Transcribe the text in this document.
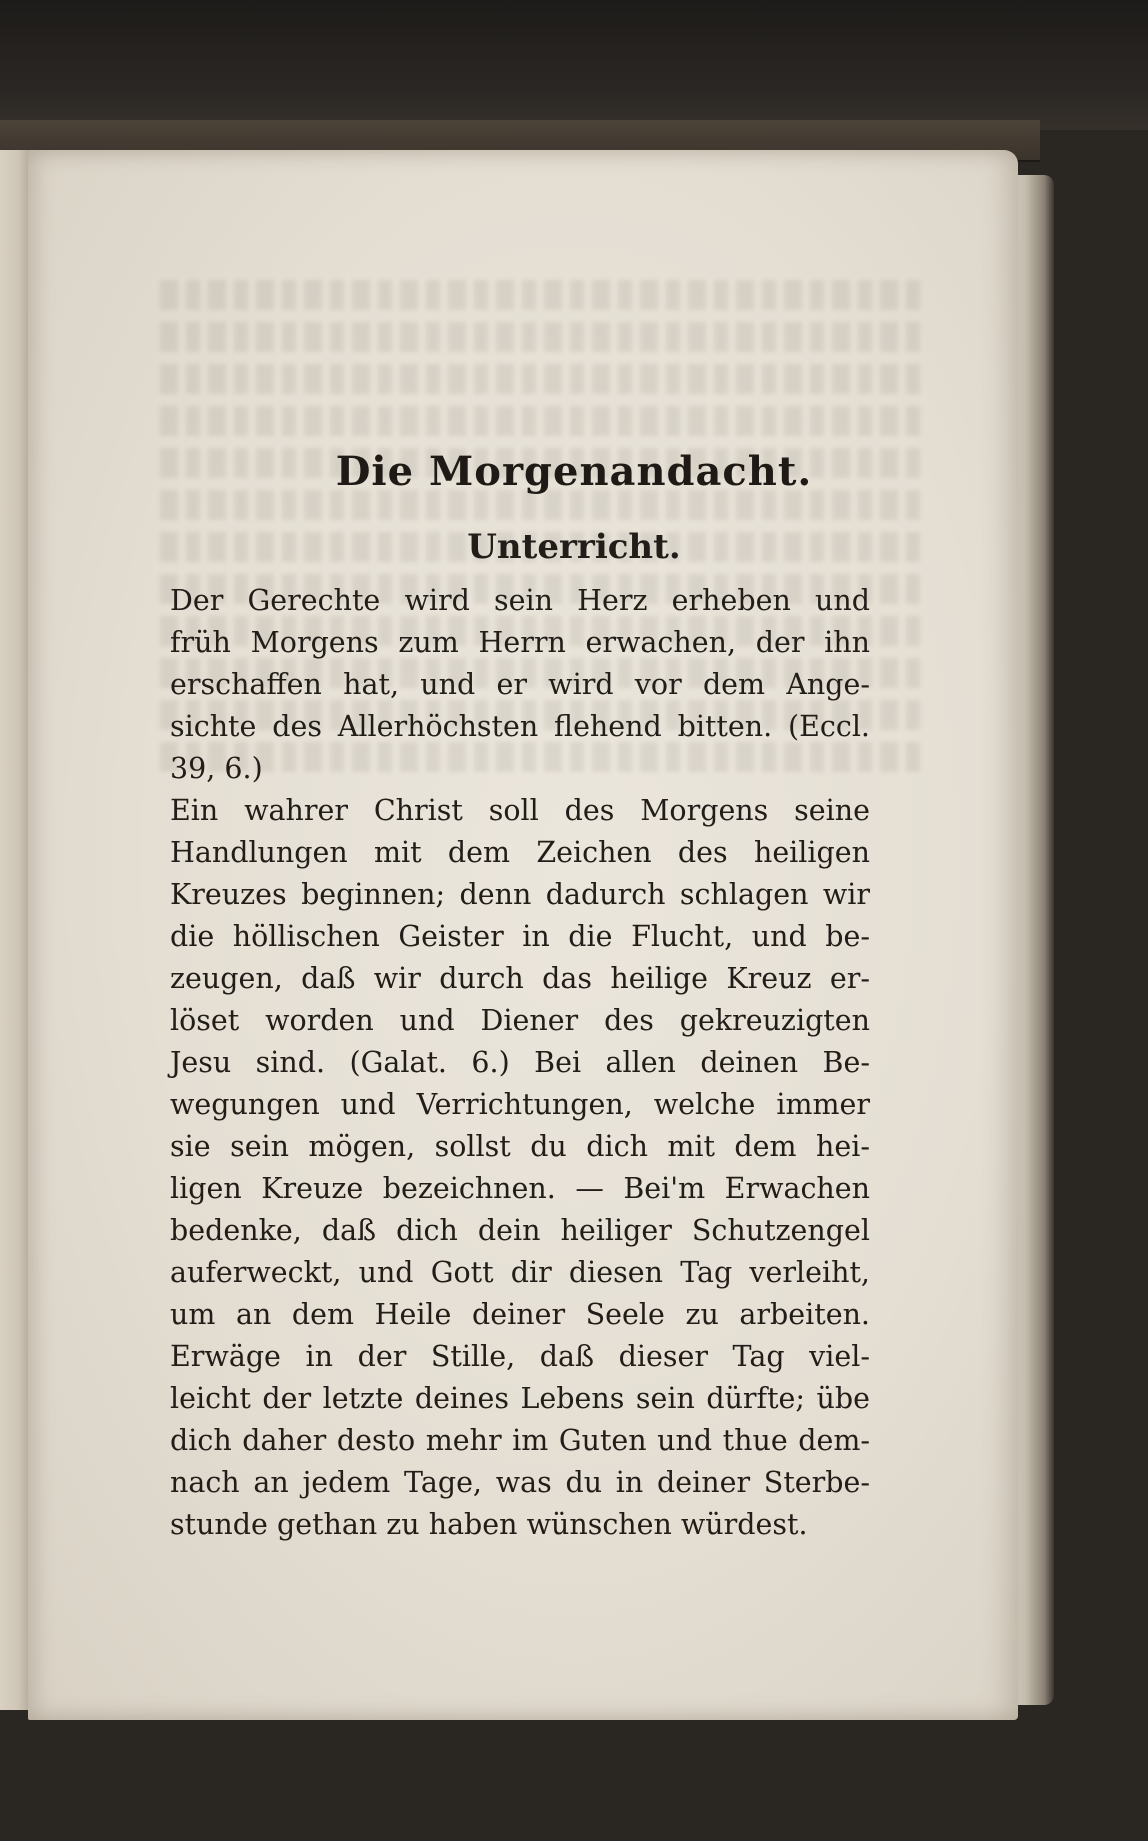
Die Morgenandacht.
Unterricht.
Der Gerechte wird sein Herz erheben und
früh Morgens zum Herrn erwachen, der ihn
erschaffen hat, und er wird vor dem Ange-
sichte des Allerhöchsten flehend bitten. (Eccl.
39, 6.)
Ein wahrer Christ soll des Morgens seine
Handlungen mit dem Zeichen des heiligen
Kreuzes beginnen; denn dadurch schlagen wir
die höllischen Geister in die Flucht, und be-
zeugen, daß wir durch das heilige Kreuz er-
löset worden und Diener des gekreuzigten
Jesu sind. (Galat. 6.) Bei allen deinen Be-
wegungen und Verrichtungen, welche immer
sie sein mögen, sollst du dich mit dem hei-
ligen Kreuze bezeichnen. — Bei'm Erwachen
bedenke, daß dich dein heiliger Schutzengel
auferweckt, und Gott dir diesen Tag verleiht,
um an dem Heile deiner Seele zu arbeiten.
Erwäge in der Stille, daß dieser Tag viel-
leicht der letzte deines Lebens sein dürfte; übe
dich daher desto mehr im Guten und thue dem-
nach an jedem Tage, was du in deiner Sterbe-
stunde gethan zu haben wünschen würdest.
